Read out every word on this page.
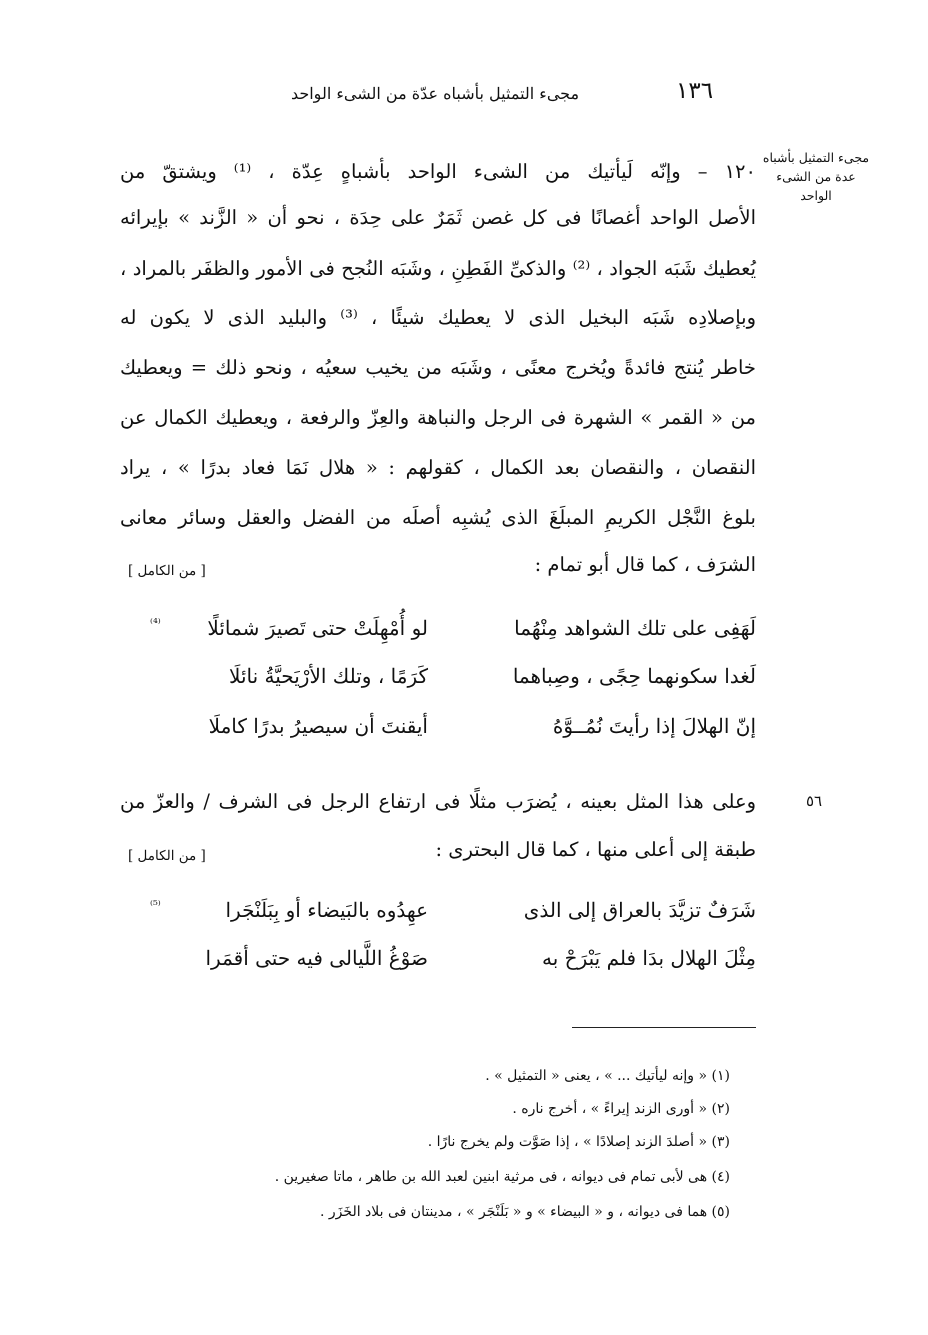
مجىء التمثيل بأشباه عدّة من الشىء الواحد	١٣٦
مجىء التمثيل بأشباه عدة من الشىء الواحد
٥٦
١٢٠ – وإنّه لَيأتيك من الشىء الواحد بأشباهٍ عِدّة ، ⁽¹⁾ ويشتقّ من
الأصل الواحد أغصانًا فى كل غصن ثَمَرٌ على حِدَة ، نحو أن « الزَّند » بإيرائه
يُعطيك شَبَه الجواد ، ⁽²⁾ والذكىِّ الفَطِنِ ، وشَبَه النُجح فى الأمور والظفَر بالمراد ،
وبإصلادِه شَبَه البخيل الذى لا يعطيك شيئًا ، ⁽³⁾ والبليد الذى لا يكون له
خاطر يُنتج فائدةً ويُخرج معنًى ، وشَبَه من يخيب سعيُه ، ونحو ذلك = ويعطيك
من « القمر » الشهرة فى الرجل والنباهة والعِزّ والرفعة ، ويعطيك الكمال عن
النقصان ، والنقصان بعد الكمال ، كقولهم : « هلال نَمَا فعاد بدرًا » ، يراد
بلوغ النَّجْل الكريمِ المبلَغَ الذى يُشبِه أصلَه من الفضل والعقل وسائر معانى
الشرَف ، كما قال أبو تمام :
[ من الكامل ]
لَهَفِى على تلك الشواهد مِنْهُما
لو أُمْهِلَتْ حتى تَصيرَ شمائلًا
⁽⁴⁾
لَغدا سكونهما حِجًى ، وصِباهما
كَرَمًا ، وتلك الأرْيَحيَّةُ نائلَا
إنّ الهلالَ إذا رأيتَ نُمُــوَّهُ
أيقنتَ أن سيصيرُ بدرًا كاملَا
وعلى هذا المثل بعينه ، يُضرَب مثلًا فى ارتفاع الرجل فى الشرف / والعزّ من
طبقة إلى أعلى منها ، كما قال البحترى :
[ من الكامل ]
شَرَفٌ تزيَّدَ بالعراق إلى الذى
عهِدُوه بالبَيضاء أو بِبَلَنْجَرا
⁽⁵⁾
مِثْلَ الهلال بدَا فلم يَبْرَحْ به
صَوْغُ اللَّيالى فيه حتى أقمَرا
(١) « وإنه ليأتيك ... » ، يعنى « التمثيل » .
(٢) « أورى الزند إيراءً » ، أخرج ناره .
(٣) « أصلدَ الزند إصلادًا » ، إذا صَوَّت ولم يخرج نارًا .
(٤) هى لأبى تمام فى ديوانه ، فى مرثية ابنين لعبد الله بن طاهر ، ماتا صغيرين .
(٥) هما فى ديوانه ، و « البيضاء » و « بَلَنْجَر » ، مدينتان فى بلاد الخَزَر .
